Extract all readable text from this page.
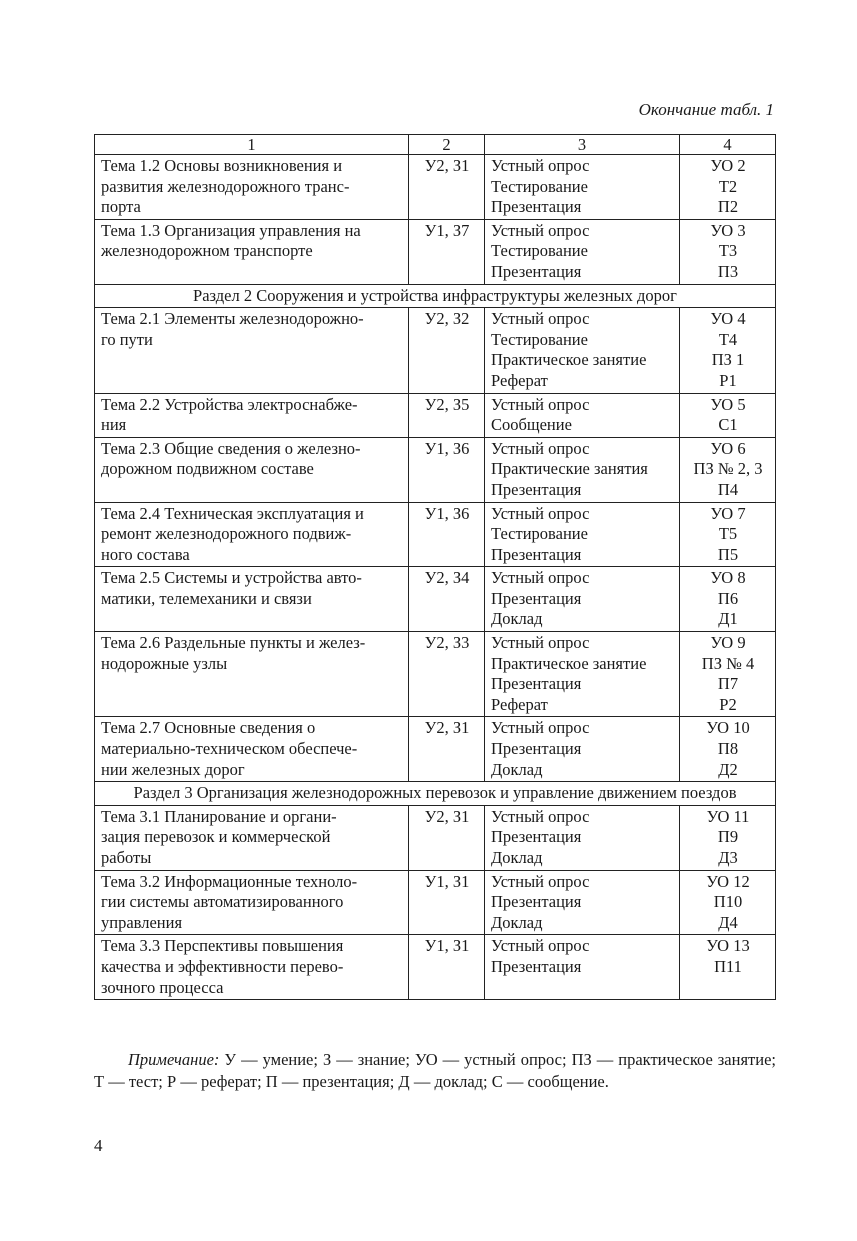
Окончание табл. 1
1	2	3	4

Тема 1.2 Основы возникновения и
развития железнодорожного транс-
порта	У2, З1	Устный опрос
Тестирование
Презентация	УО 2
Т2
П2

Тема 1.3 Организация управления на
железнодорожном транспорте	У1, З7	Устный опрос
Тестирование
Презентация	УО 3
Т3
П3

Раздел 2 Сооружения и устройства инфраструктуры железных дорог			

Тема 2.1 Элементы железнодорожно-
го пути	У2, З2	Устный опрос
Тестирование
Практическое занятие
Реферат	УО 4
Т4
ПЗ 1
Р1

Тема 2.2 Устройства электроснабже-
ния	У2, З5	Устный опрос
Сообщение	УО 5
С1

Тема 2.3 Общие сведения о железно-
дорожном подвижном составе	У1, З6	Устный опрос
Практические занятия
Презентация	УО 6
ПЗ № 2, 3
П4

Тема 2.4 Техническая эксплуатация и
ремонт железнодорожного подвиж-
ного состава	У1, З6	Устный опрос
Тестирование
Презентация	УО 7
Т5
П5

Тема 2.5 Системы и устройства авто-
матики, телемеханики и связи	У2, З4	Устный опрос
Презентация
Доклад	УО 8
П6
Д1

Тема 2.6 Раздельные пункты и желез-
нодорожные узлы	У2, З3	Устный опрос
Практическое занятие
Презентация
Реферат	УО 9
ПЗ № 4
П7
Р2

Тема 2.7 Основные сведения о
материально-техническом обеспече-
нии железных дорог	У2, З1	Устный опрос
Презентация
Доклад	УО 10
П8
Д2

Раздел 3 Организация железнодорожных перевозок и управление движением поездов			

Тема 3.1 Планирование и органи-
зация перевозок и коммерческой
работы	У2, З1	Устный опрос
Презентация
Доклад	УО 11
П9
Д3

Тема 3.2 Информационные техноло-
гии системы автоматизированного
управления	У1, З1	Устный опрос
Презентация
Доклад	УО 12
П10
Д4

Тема 3.3 Перспективы повышения
качества и эффективности перево-
зочного процесса	У1, З1	Устный опрос
Презентация	УО 13
П11
Примечание: У — умение; З — знание; УО — устный опрос; ПЗ — практическое занятие; Т — тест; Р — реферат; П — презентация; Д — доклад; С — сообщение.
4
